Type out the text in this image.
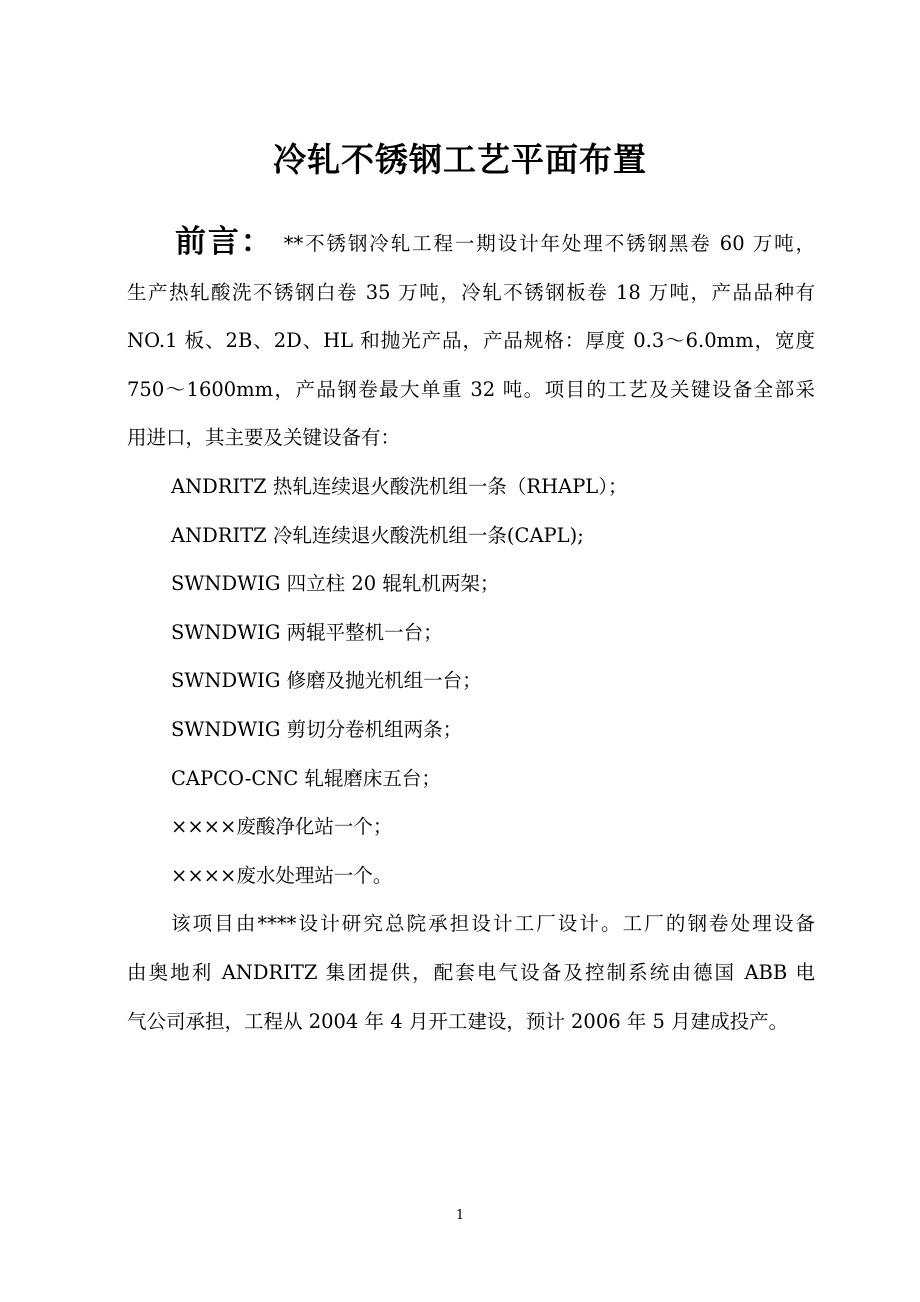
冷轧不锈钢工艺平面布置
前言： **不锈钢冷轧工程一期设计年处理不锈钢黑卷 60 万吨，
生产热轧酸洗不锈钢白卷 35 万吨，冷轧不锈钢板卷 18 万吨，产品品种有
NO.1 板、2B、2D、HL 和抛光产品，产品规格：厚度 0.3～6.0mm，宽度
750～1600mm，产品钢卷最大单重 32 吨。项目的工艺及关键设备全部采
用进口，其主要及关键设备有：
ANDRITZ 热轧连续退火酸洗机组一条（RHAPL）；
ANDRITZ 冷轧连续退火酸洗机组一条(CAPL);
SWNDWIG 四立柱 20 辊轧机两架；
SWNDWIG 两辊平整机一台；
SWNDWIG 修磨及抛光机组一台；
SWNDWIG 剪切分卷机组两条；
CAPCO-CNC 轧辊磨床五台；
××××废酸净化站一个；
××××废水处理站一个。
该项目由****设计研究总院承担设计工厂设计。工厂的钢卷处理设备
由奥地利 ANDRITZ 集团提供，配套电气设备及控制系统由德国 ABB 电
气公司承担，工程从 2004 年 4 月开工建设，预计 2006 年 5 月建成投产。
1
